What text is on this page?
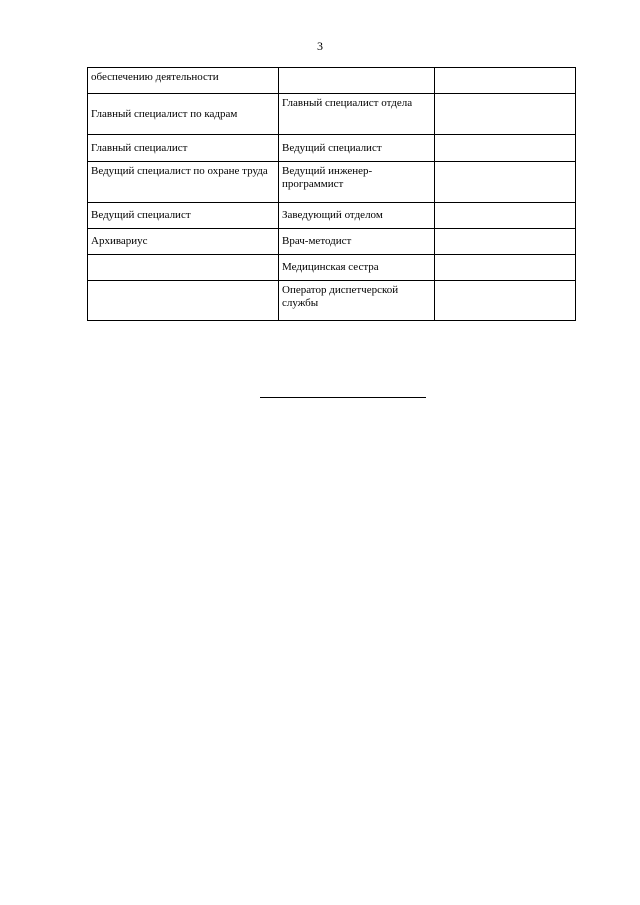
3
обеспечению деятельности		
Главный специалист по кадрам	Главный специалист отдела	
Главный специалист	Ведущий специалист	
Ведущий специалист по охране труда	Ведущий инженер-программист	
Ведущий специалист	Заведующий отделом	
Архивариус	Врач-методист	
	Медицинская сестра	
	Оператор диспетчерской службы	
